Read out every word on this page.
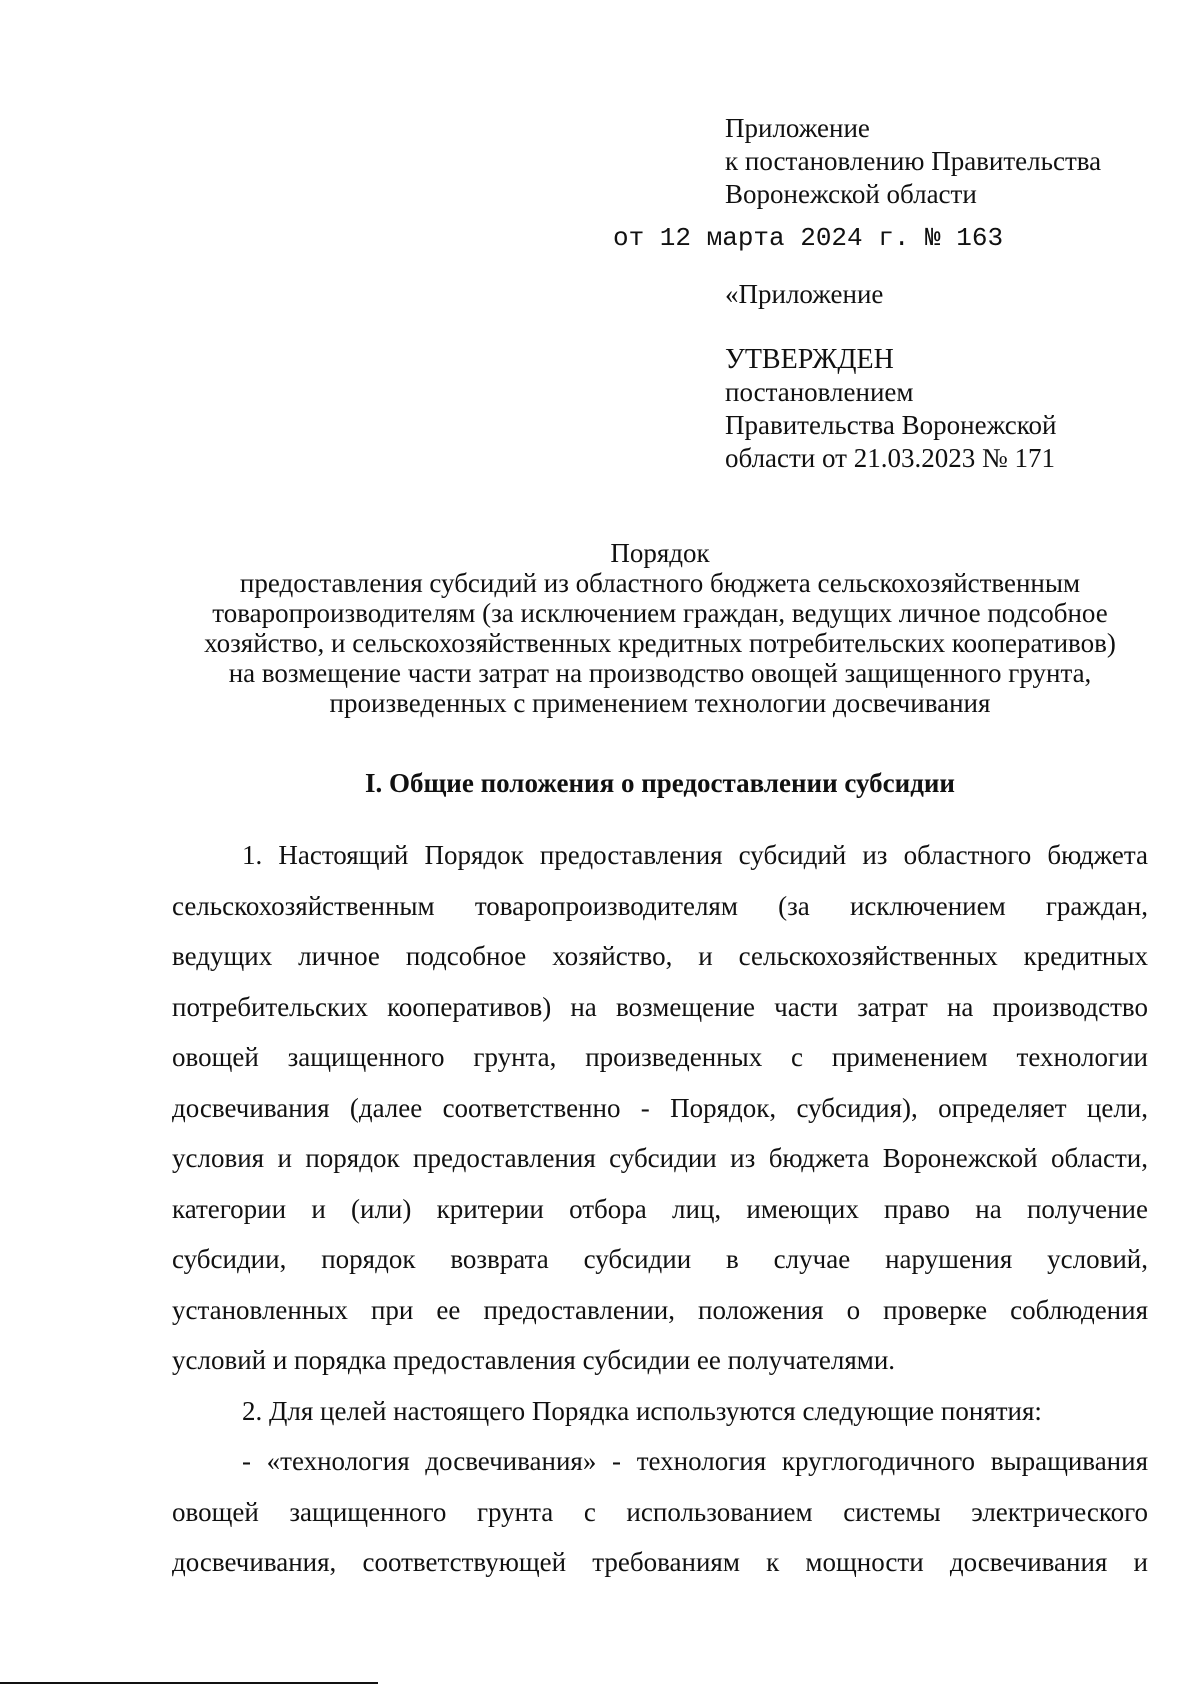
Приложение
к постановлению Правительства
Воронежской области
от 12 марта 2024 г. № 163
«Приложение
УТВЕРЖДЕН
постановлением
Правительства Воронежской
области от 21.03.2023 № 171
Порядок
предоставления субсидий из областного бюджета сельскохозяйственным
товаропроизводителям (за исключением граждан, ведущих личное подсобное
хозяйство, и сельскохозяйственных кредитных потребительских кооперативов)
на возмещение части затрат на производство овощей защищенного грунта,
произведенных с применением технологии досвечивания
I. Общие положения о предоставлении субсидии
1. Настоящий Порядок предоставления субсидий из областного бюджета
сельскохозяйственным товаропроизводителям (за исключением граждан,
ведущих личное подсобное хозяйство, и сельскохозяйственных кредитных
потребительских кооперативов) на возмещение части затрат на производство
овощей защищенного грунта, произведенных с применением технологии
досвечивания (далее соответственно - Порядок, субсидия), определяет цели,
условия и порядок предоставления субсидии из бюджета Воронежской области,
категории и (или) критерии отбора лиц, имеющих право на получение
субсидии, порядок возврата субсидии в случае нарушения условий,
установленных при ее предоставлении, положения о проверке соблюдения
условий и порядка предоставления субсидии ее получателями.
2. Для целей настоящего Порядка используются следующие понятия:
- «технология досвечивания» - технология круглогодичного выращивания
овощей защищенного грунта с использованием системы электрического
досвечивания, соответствующей требованиям к мощности досвечивания и
